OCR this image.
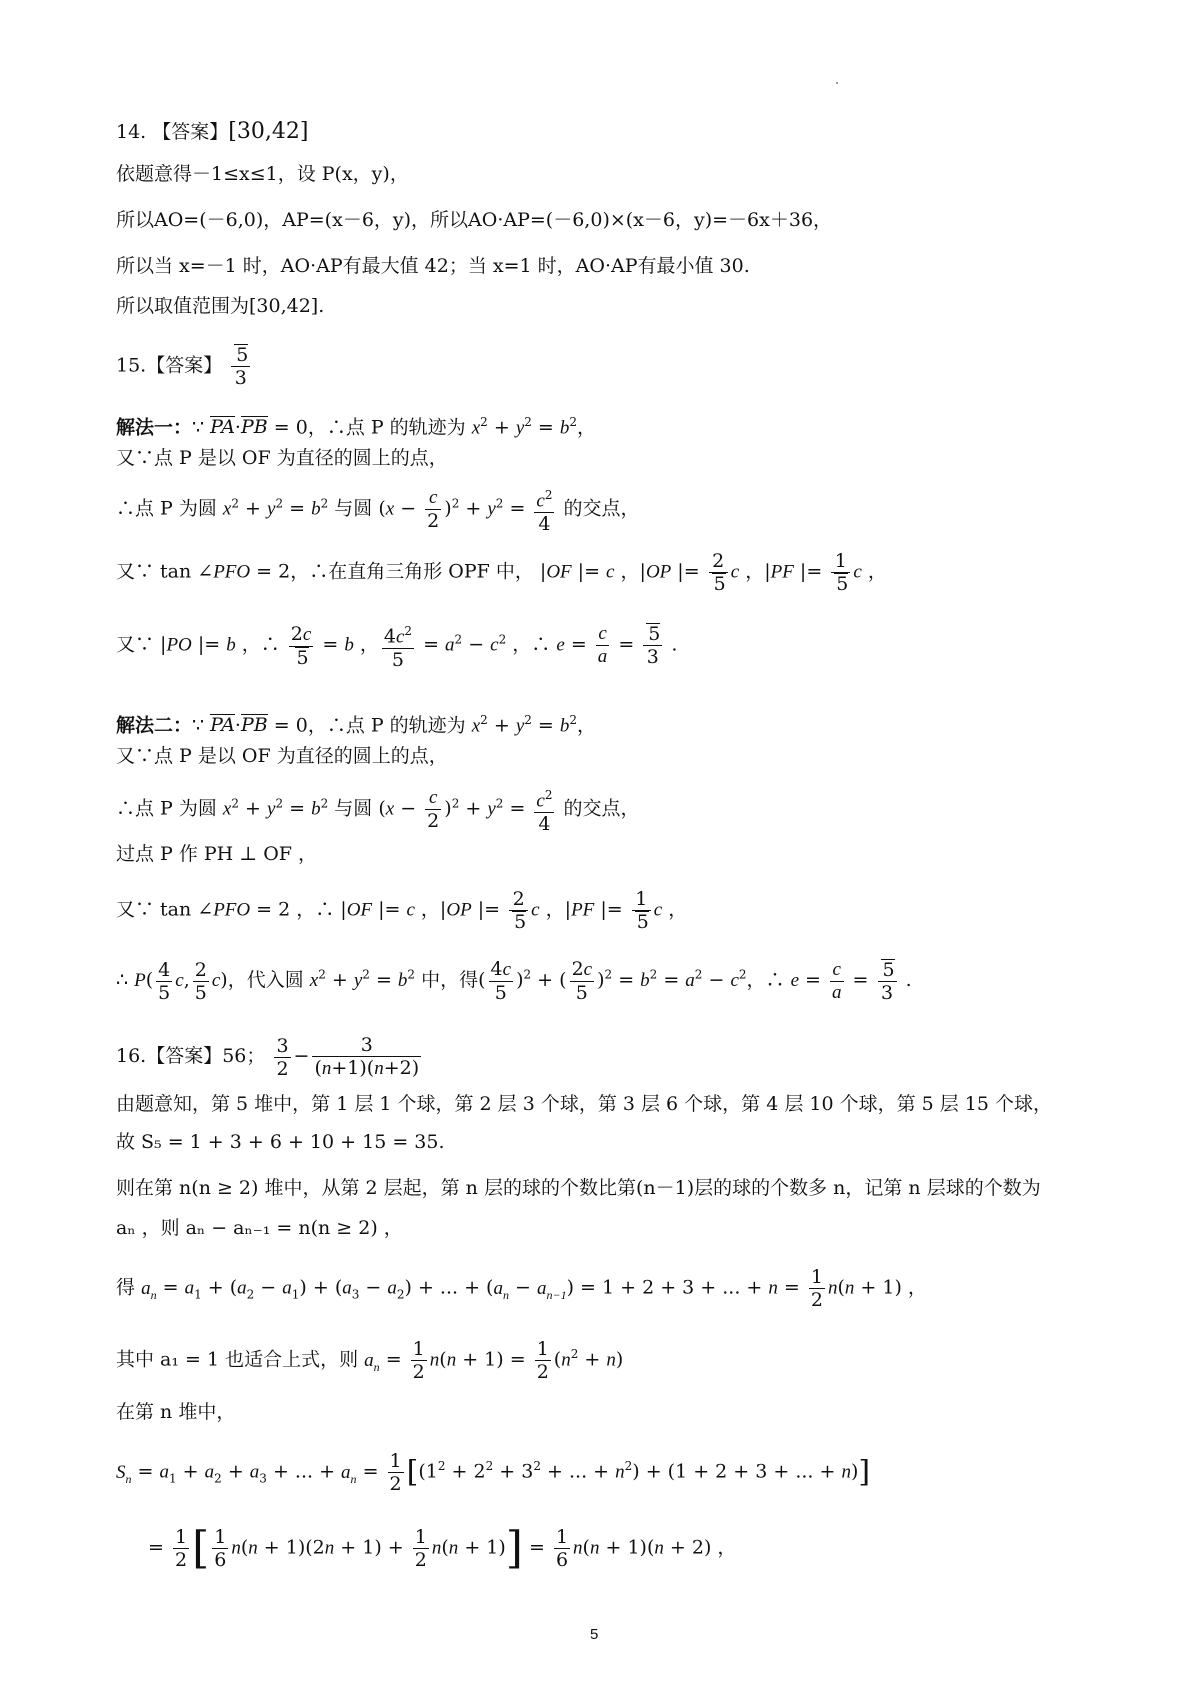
14. 【答案】[30,42]
依题意得－1≤x≤1，设 P(x，y)，
所以AO=(－6,0)，AP=(x－6，y)，所以AO·AP=(－6,0)×(x－6，y)=－6x＋36，
所以当 x=－1 时，AO·AP有最大值 42；当 x=1 时，AO·AP有最小值 30.
所以取值范围为[30,42].
15.【答案】 $\frac{5}{3}$
解法一：∵ PA·PB = 0，∴点 P 的轨迹为 $x^2 + y^2 = b^2$，
又∵点 P 是以 OF 为直径的圆上的点，
∴点 P 为圆 $x^2 + y^2 = b^2$ 与圆 $(x - \frac{c}{2} )^2 + y^2 = \frac{c^2}{4}$ 的交点，
又∵ tan ∠PFO = 2，∴在直角三角形 OPF 中， |OF |= c ，|OP |= $\frac{2}{5}$ c ，|PF |= $\frac{1}{5}$ c ，
又∵ |PO |= b ，∴ $\frac{2c}{5} = b$ ， $\frac{4c^2}{5} = a^2 - c^2$ ，∴ $e = \frac{c}{a} = \frac{5}{3}$ .
解法二：∵ PA·PB = 0，∴点 P 的轨迹为 $x^2 + y^2 = b^2$，
又∵点 P 是以 OF 为直径的圆上的点，
∴点 P 为圆 $x^2 + y^2 = b^2$ 与圆 $(x - \frac{c}{2} )^2 + y^2 = \frac{c^2}{4}$ 的交点，
过点 P 作 PH ⊥ OF ，
又∵ tan ∠PFO = 2 ，∴ |OF |= c ，|OP |= $\frac{2}{5}$ c ，|PF |= $\frac{1}{5}$ c ，
∴ $P( \frac{4}{5} c$, $\frac{2}{5} c$)，代入圆 $x^2 + y^2 = b^2$ 中，得( $\frac{4c}{5} )^2$ + ( $\frac{2c}{5} )^2 = b^2 = a^2 - c^2$，∴ $e = \frac{c}{a} = \frac{5}{3}$ .
16.【答案】56； $\frac{3}{2} - \frac{3}{(n+1)(n+2)}$
由题意知，第 5 堆中，第 1 层 1 个球，第 2 层 3 个球，第 3 层 6 个球，第 4 层 10 个球，第 5 层 15 个球，
故 S₅ = 1 + 3 + 6 + 10 + 15 = 35.
则在第 n(n ≥ 2) 堆中，从第 2 层起，第 n 层的球的个数比第(n－1)层的球的个数多 n，记第 n 层球的个数为
aₙ ，则 aₙ − aₙ₋₁ = n(n ≥ 2) ，
得 $a_n = a_1 + (a_2 - a_1) + (a_3 - a_2)$ + ... + $(a_n - a_{n-1}) = 1 + 2 + 3$ + ... + $n = \frac{1}{2} n(n + 1)$ ，
其中 a₁ = 1 也适合上式，则 $a_n = \frac{1}{2} n(n + 1) = \frac{1}{2} (n^2 + n)$
在第 n 堆中，
$S_n = a_1 + a_2 + a_3$ + ... + $a_n = \frac{1}{2} [(1^2 + 2^2 + 3^2$ + ... + $n^2) + (1 + 2 + 3$ + ... + n)]
= $\frac{1}{2}$ [ $\frac{1}{6} n(n + 1)(2n + 1) + \frac{1}{2} n(n + 1)] = \frac{1}{6} n(n + 1)(n + 2)$ ，
5
